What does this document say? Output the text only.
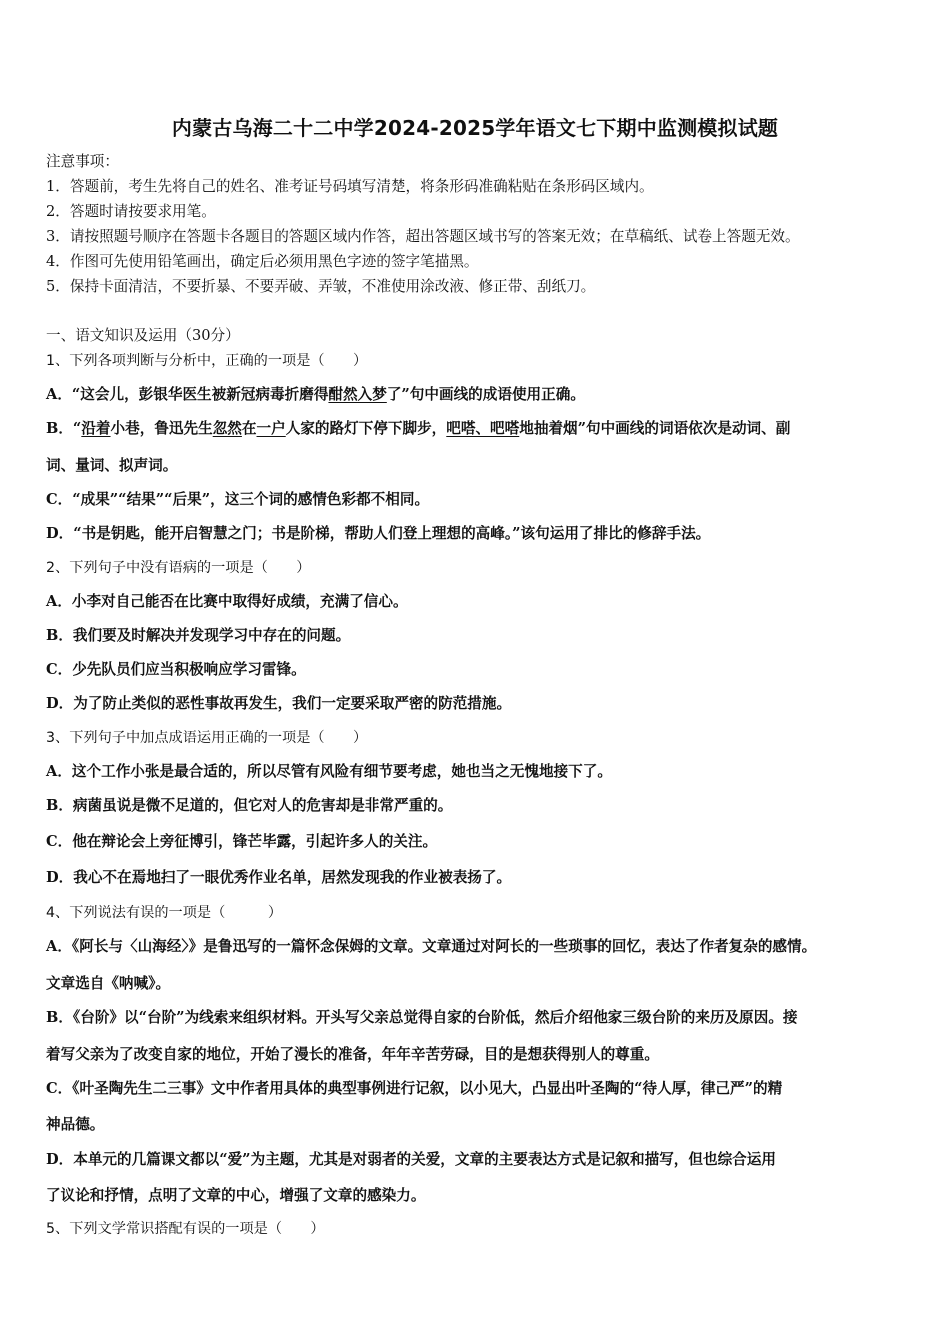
内蒙古乌海二十二中学2024-2025学年语文七下期中监测模拟试题
注意事项：
1．答题前，考生先将自己的姓名、准考证号码填写清楚，将条形码准确粘贴在条形码区域内。
2．答题时请按要求用笔。
3．请按照题号顺序在答题卡各题目的答题区域内作答，超出答题区域书写的答案无效；在草稿纸、试卷上答题无效。
4．作图可先使用铅笔画出，确定后必须用黑色字迹的签字笔描黑。
5．保持卡面清洁，不要折暴、不要弄破、弄皱，不准使用涂改液、修正带、刮纸刀。
一、语文知识及运用（30分）
1、下列各项判断与分析中，正确的一项是（　　）
A．“这会儿，彭银华医生被新冠病毒折磨得酣然入梦了”句中画线的成语使用正确。
B．“沿着小巷，鲁迅先生忽然在一户人家的路灯下停下脚步，吧嗒、吧嗒地抽着烟”句中画线的词语依次是动词、副
词、量词、拟声词。
C．“成果”“结果”“后果”，这三个词的感情色彩都不相同。
D．“书是钥匙，能开启智慧之门；书是阶梯，帮助人们登上理想的高峰。”该句运用了排比的修辞手法。
2、下列句子中没有语病的一项是（　　）
A．小李对自己能否在比赛中取得好成绩，充满了信心。
B．我们要及时解决并发现学习中存在的问题。
C．少先队员们应当积极响应学习雷锋。
D．为了防止类似的恶性事故再发生，我们一定要采取严密的防范措施。
3、下列句子中加点成语运用正确的一项是（　　）
A．这个工作小张是最合适的，所以尽管有风险有细节要考虑，她也当之无愧地接下了。
B．病菌虽说是微不足道的，但它对人的危害却是非常严重的。
C．他在辩论会上旁征博引，锋芒毕露，引起许多人的关注。
D．我心不在焉地扫了一眼优秀作业名单，居然发现我的作业被表扬了。
4、下列说法有误的一项是（　　　）
A．《阿长与〈山海经〉》是鲁迅写的一篇怀念保姆的文章。文章通过对阿长的一些琐事的回忆，表达了作者复杂的感情。
文章选自《呐喊》。
B．《台阶》以“台阶”为线索来组织材料。开头写父亲总觉得自家的台阶低，然后介绍他家三级台阶的来历及原因。接
着写父亲为了改变自家的地位，开始了漫长的准备，年年辛苦劳碌，目的是想获得别人的尊重。
C．《叶圣陶先生二三事》文中作者用具体的典型事例进行记叙，以小见大，凸显出叶圣陶的“待人厚，律己严”的精
神品德。
D．本单元的几篇课文都以“爱”为主题，尤其是对弱者的关爱，文章的主要表达方式是记叙和描写，但也综合运用
了议论和抒情，点明了文章的中心，增强了文章的感染力。
5、下列文学常识搭配有误的一项是（　　）
